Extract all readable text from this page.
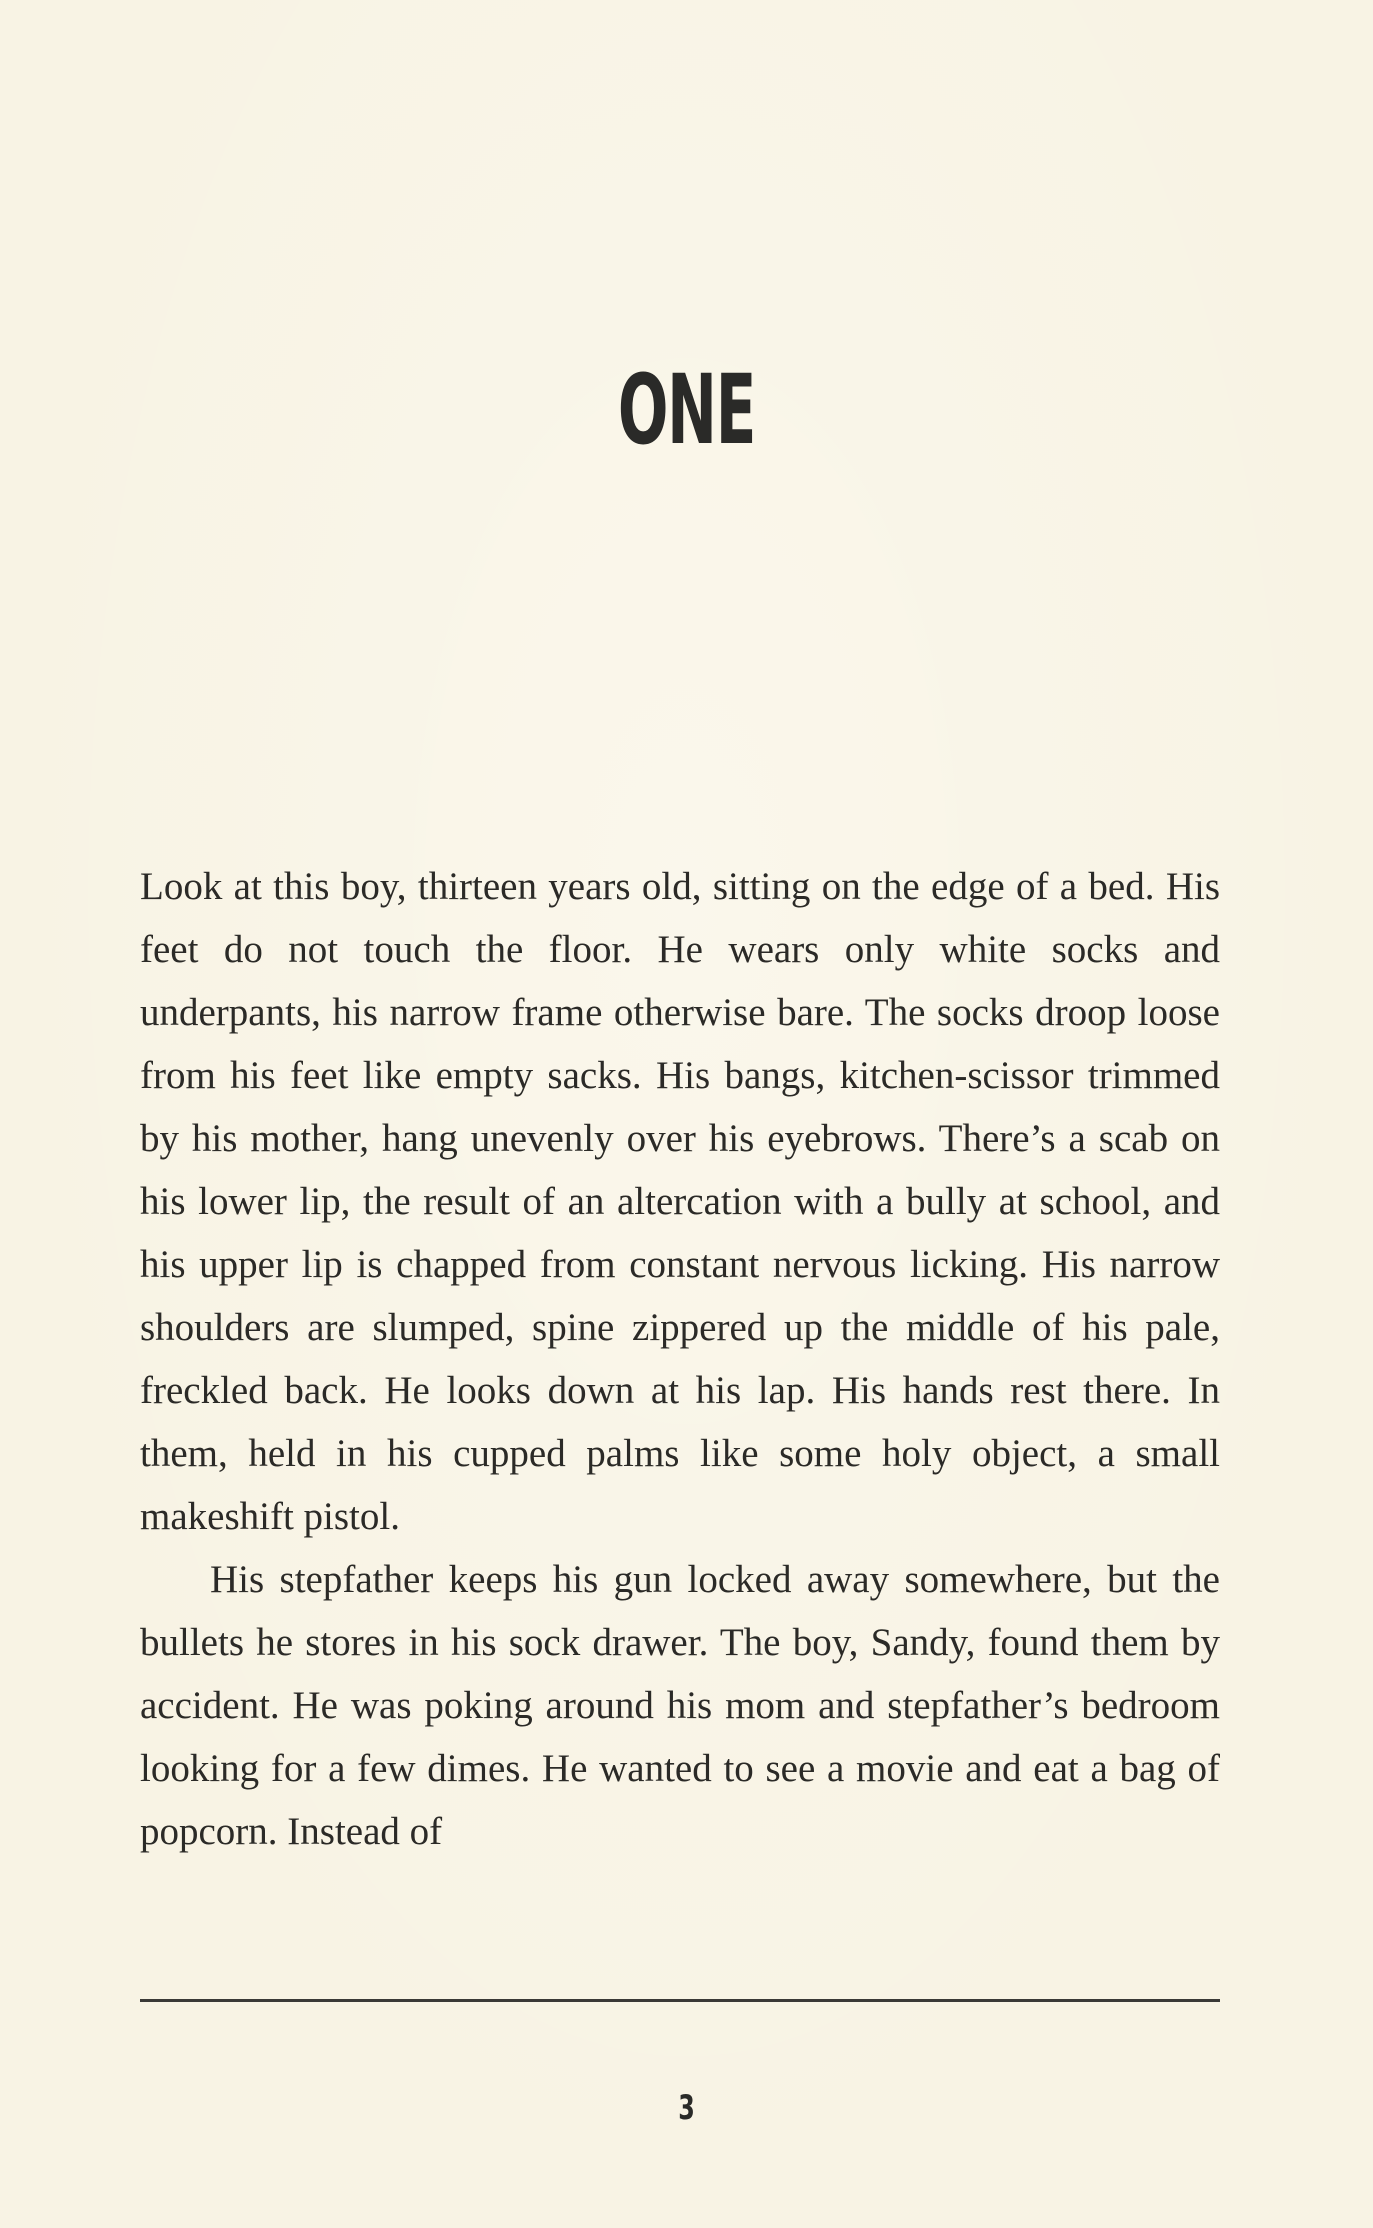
ONE

Look at this boy, thirteen years old, sitting on the edge of a bed. His feet do not touch the floor. He wears only white socks and underpants, his narrow frame otherwise bare. The socks droop loose from his feet like empty sacks. His bangs, kitchen-scissor trimmed by his mother, hang unevenly over his eyebrows. There’s a scab on his lower lip, the result of an altercation with a bully at school, and his upper lip is chapped from constant nervous licking. His narrow shoulders are slumped, spine zippered up the middle of his pale, freckled back. He looks down at his lap. His hands rest there. In them, held in his cupped palms like some holy object, a small makeshift pistol.

His stepfather keeps his gun locked away somewhere, but the bullets he stores in his sock drawer. The boy, Sandy, found them by accident. He was poking around his mom and stepfather’s bedroom looking for a few dimes. He wanted to see a movie and eat a bag of popcorn. Instead of

3
